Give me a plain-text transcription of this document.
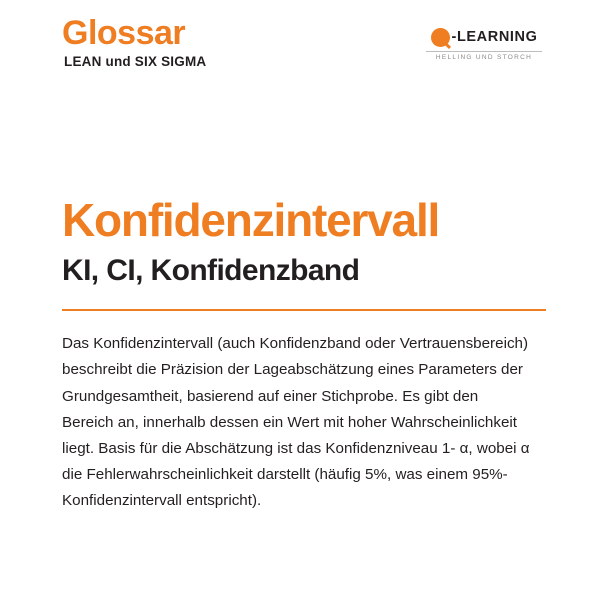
Glossar
LEAN und SIX SIGMA
-LEARNING
HELLING UND STORCH
Konfidenzintervall
KI, CI, Konfidenzband

Das Konfidenzintervall (auch Konfidenzband oder Vertrauensbereich) beschreibt die Präzision der Lageabschätzung eines Parameters der Grundgesamtheit, basierend auf einer Stichprobe. Es gibt den Bereich an, innerhalb dessen ein Wert mit hoher Wahrscheinlichkeit liegt. Basis für die Abschätzung ist das Konfidenzniveau 1- α, wobei α die Fehlerwahrscheinlichkeit darstellt (häufig 5%, was einem 95%-Konfidenzintervall entspricht).
